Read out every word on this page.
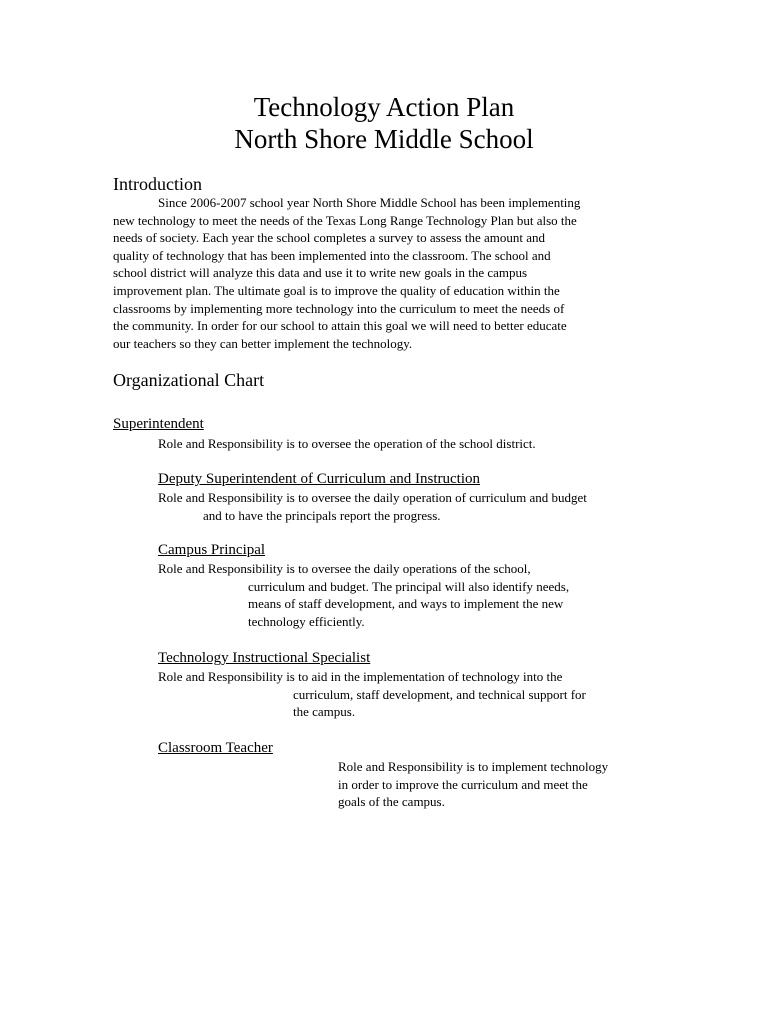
Technology Action Plan
North Shore Middle School
Introduction
Since 2006-2007 school year North Shore Middle School has been implementing
new technology to meet the needs of the Texas Long Range Technology Plan but also the
needs of society. Each year the school completes a survey to assess the amount and
quality of technology that has been implemented into the classroom. The school and
school district will analyze this data and use it to write new goals in the campus
improvement plan. The ultimate goal is to improve the quality of education within the
classrooms by implementing more technology into the curriculum to meet the needs of
the community. In order for our school to attain this goal we will need to better educate
our teachers so they can better implement the technology.
Organizational Chart
Superintendent
Role and Responsibility is to oversee the operation of the school district.
Deputy Superintendent of Curriculum and Instruction
Role and Responsibility is to oversee the daily operation of curriculum and budget
and to have the principals report the progress.
Campus Principal
Role and Responsibility is to oversee the daily operations of the school,
curriculum and budget. The principal will also identify needs,
means of staff development, and ways to implement the new
technology efficiently.
Technology Instructional Specialist
Role and Responsibility is to aid in the implementation of technology into the
curriculum, staff development, and technical support for
the campus.
Classroom Teacher
Role and Responsibility is to implement technology
in order to improve the curriculum and meet the
goals of the campus.
